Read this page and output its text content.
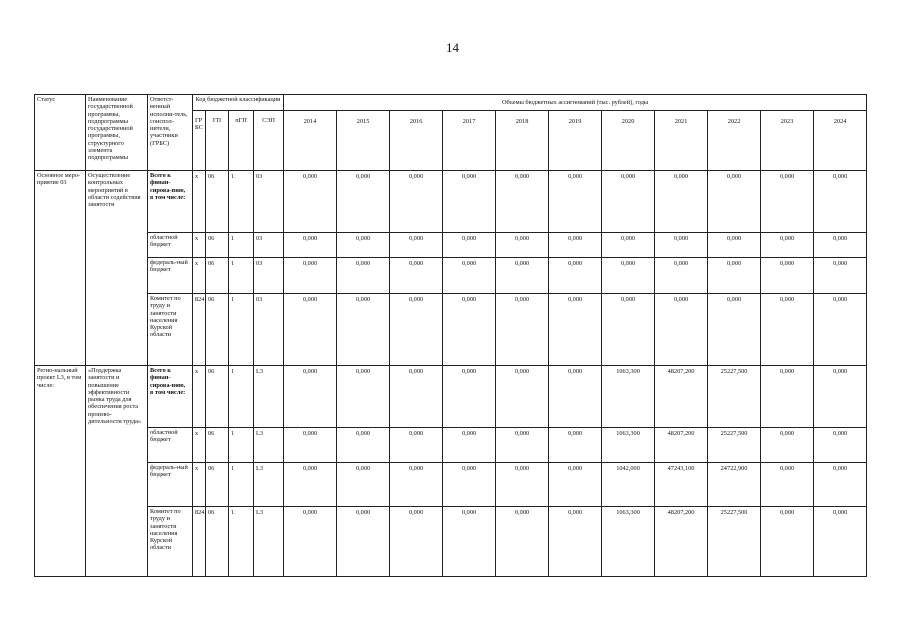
14
Статус	Наименование государственной программы, подпрограммы государственной программы, структурного элемента подпрограммы	Ответст-венный исполни-тель, соиспол-нители, участники (ГРБС)	Код бюджетной классификации				Объемы бюджетных ассигнований (тыс. рублей), годы										
			ГР БС	ГП	пГП	СЭП	2014	2015	2016	2017	2018	2019	2020	2021	2022	2023	2024
Основное меро-приятие 03	Осуществление контрольных мероприятий в области содействия занятости	Всего к финан-сирова-нию, в том числе:	x	06	1	03	0,000	0,000	0,000	0,000	0,000	0,000	0,000	0,000	0,000	0,000	0,000
		областной бюджет	x	06	1	03	0,000	0,000	0,000	0,000	0,000	0,000	0,000	0,000	0,000	0,000	0,000
		федераль-ный бюджет	x	06	1	03	0,000	0,000	0,000	0,000	0,000	0,000	0,000	0,000	0,000	0,000	0,000
		Комитет по труду и занятости населения Курской области	824	06	1	03	0,000	0,000	0,000	0,000	0,000	0,000	0,000	0,000	0,000	0,000	0,000
Регио-нальный проект L3, в том числе:	«Поддержка занятости и повышение эффективности рынка труда для обеспечения роста произво-дительности труда»	Всего к финан-сирова-нию, в том числе:	x	06	1	L3	0,000	0,000	0,000	0,000	0,000	0,000	1063,300	48207,200	25227,500	0,000	0,000
		областной бюджет	x	06	1	L3	0,000	0,000	0,000	0,000	0,000	0,000	1063,300	48207,200	25227,500	0,000	0,000
		федераль-ный бюджет	x	06	1	L3	0,000	0,000	0,000	0,000	0,000	0,000	1042,000	47243,100	24722,900	0,000	0,000
		Комитет по труду и занятости населения Курской области	824	06	1	L3	0,000	0,000	0,000	0,000	0,000	0,000	1063,300	48207,200	25227,500	0,000	0,000
